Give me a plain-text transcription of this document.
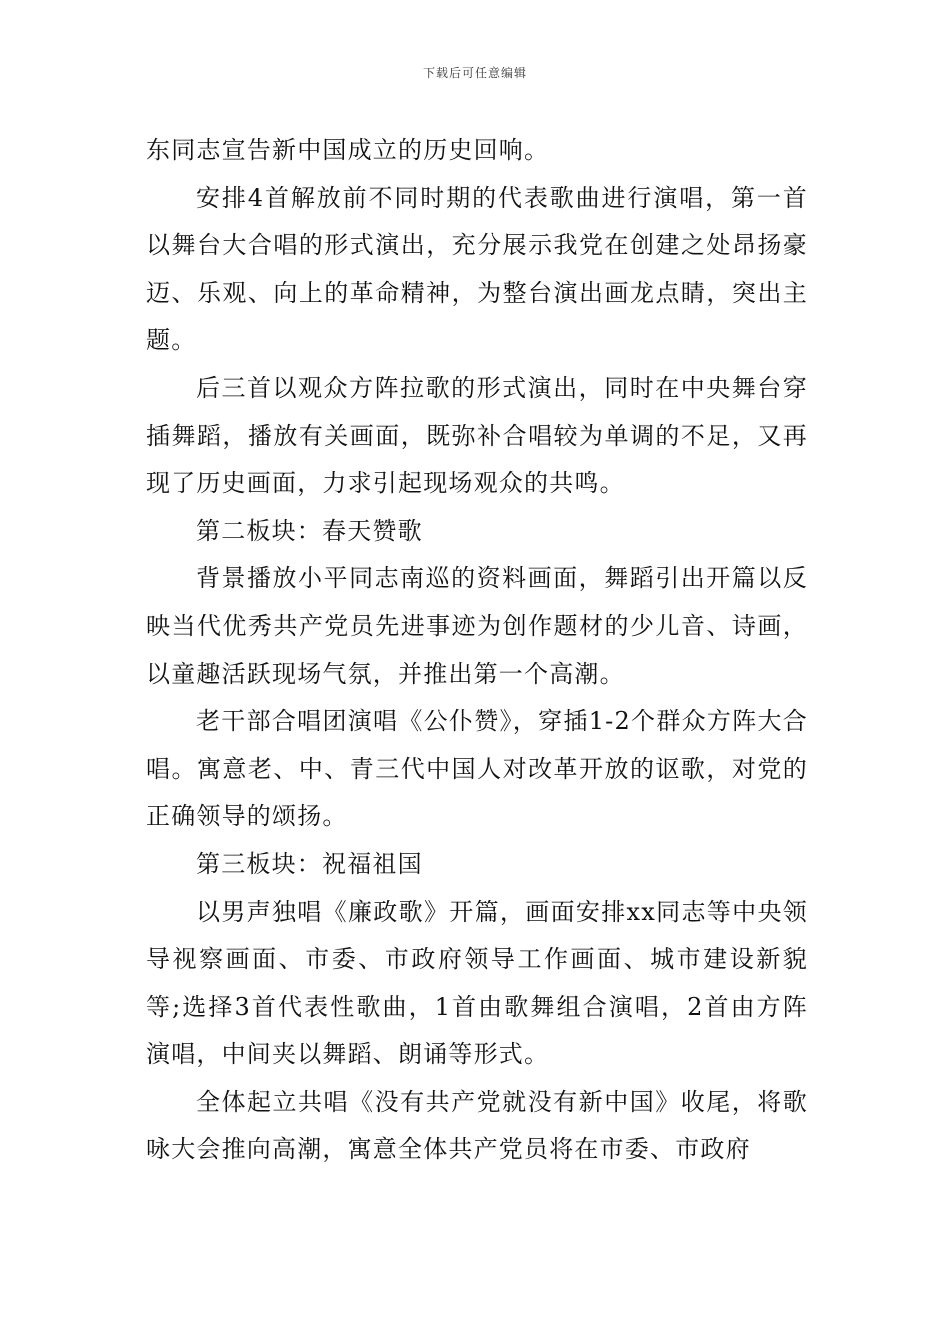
下载后可任意编辑

东同志宣告新中国成立的历史回响。

安排4首解放前不同时期的代表歌曲进行演唱，第一首以舞台大合唱的形式演出，充分展示我党在创建之处昂扬豪迈、乐观、向上的革命精神，为整台演出画龙点睛，突出主题。

后三首以观众方阵拉歌的形式演出，同时在中央舞台穿插舞蹈，播放有关画面，既弥补合唱较为单调的不足，又再现了历史画面，力求引起现场观众的共鸣。

第二板块：春天赞歌

背景播放小平同志南巡的资料画面，舞蹈引出开篇以反映当代优秀共产党员先进事迹为创作题材的少儿音、诗画，以童趣活跃现场气氛，并推出第一个高潮。

老干部合唱团演唱《公仆赞》，穿插1-2个群众方阵大合唱。寓意老、中、青三代中国人对改革开放的讴歌，对党的正确领导的颂扬。

第三板块：祝福祖国

以男声独唱《廉政歌》开篇，画面安排xx同志等中央领导视察画面、市委、市政府领导工作画面、城市建设新貌等;选择3首代表性歌曲，1首由歌舞组合演唱，2首由方阵演唱，中间夹以舞蹈、朗诵等形式。

全体起立共唱《没有共产党就没有新中国》收尾，将歌咏大会推向高潮，寓意全体共产党员将在市委、市政府
